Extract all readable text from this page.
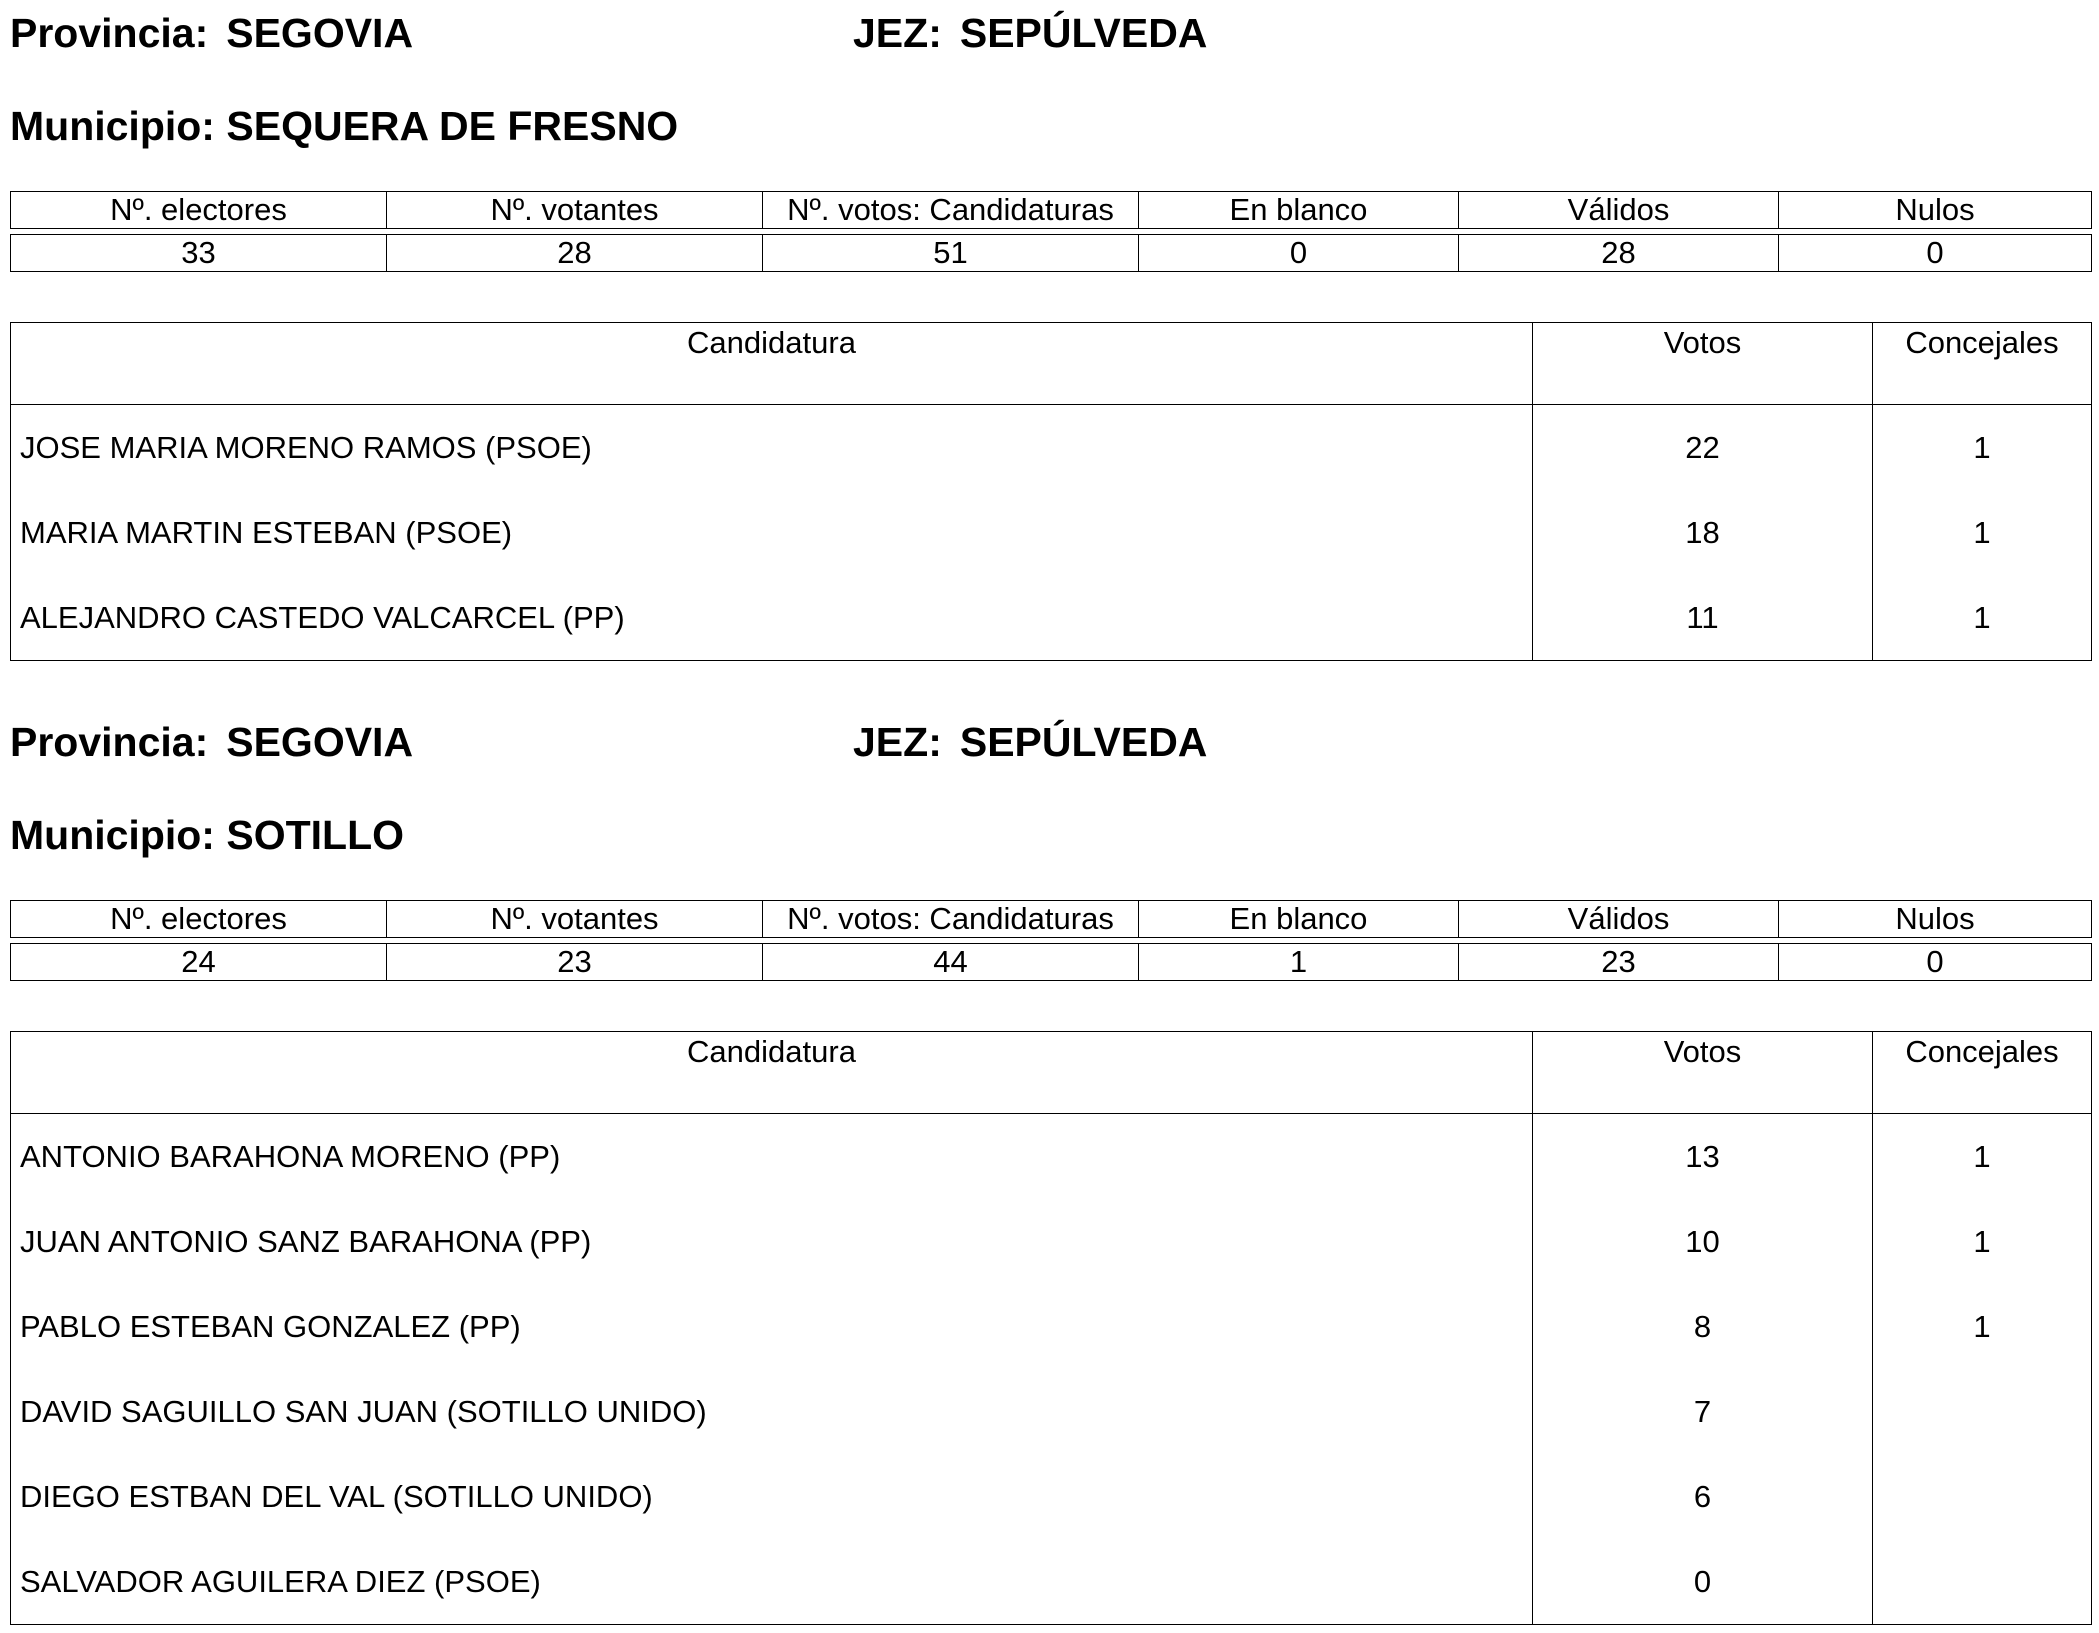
Provincia: SEGOVIA	JEZ: SEPÚLVEDA
Municipio: SEQUERA DE FRESNO
Nº. electores	Nº. votantes	Nº. votos: Candidaturas	En blanco	Válidos	Nulos
33	28	51	0	28	0
Candidatura	Votos	Concejales
JOSE MARIA MORENO RAMOS (PSOE)	22	1
MARIA MARTIN ESTEBAN (PSOE)	18	1
ALEJANDRO CASTEDO VALCARCEL (PP)	11	1
Provincia: SEGOVIA	JEZ: SEPÚLVEDA
Municipio: SOTILLO
Nº. electores	Nº. votantes	Nº. votos: Candidaturas	En blanco	Válidos	Nulos
24	23	44	1	23	0
Candidatura	Votos	Concejales
ANTONIO BARAHONA MORENO (PP)	13	1
JUAN ANTONIO SANZ BARAHONA (PP)	10	1
PABLO ESTEBAN GONZALEZ (PP)	8	1
DAVID SAGUILLO SAN JUAN (SOTILLO UNIDO)	7	
DIEGO ESTBAN DEL VAL (SOTILLO UNIDO)	6	
SALVADOR AGUILERA DIEZ (PSOE)	0	
